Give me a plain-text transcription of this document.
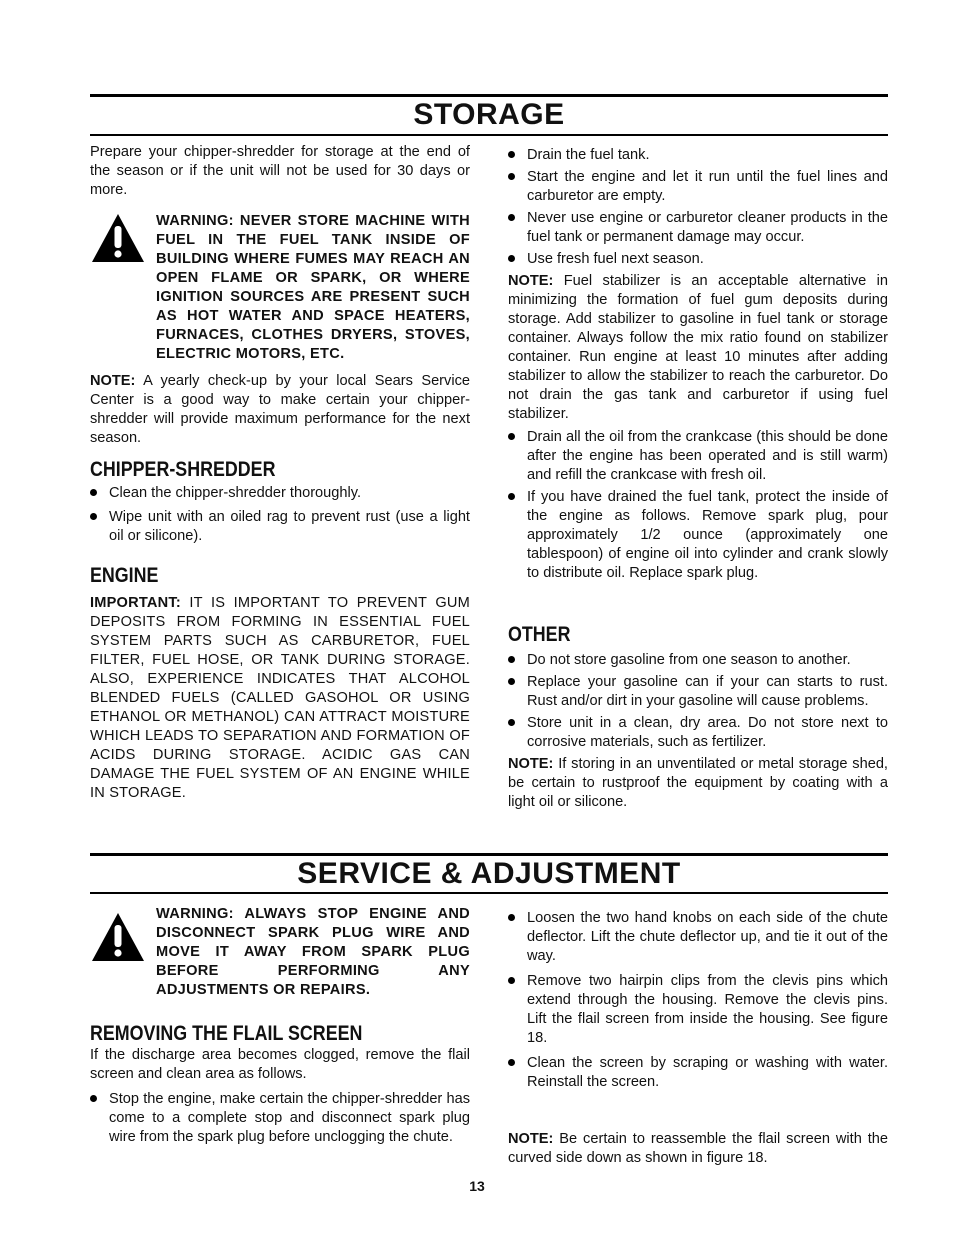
STORAGE

Prepare your chipper-shredder for storage at the end of the season or if the unit will not be used for 30 days or more.

WARNING: NEVER STORE MACHINE WITH FUEL IN THE FUEL TANK INSIDE OF BUILDING WHERE FUMES MAY REACH AN OPEN FLAME OR SPARK, OR WHERE IGNITION SOURCES ARE PRESENT SUCH AS HOT WATER AND SPACE HEATERS, FURNACES, CLOTHES DRYERS, STOVES, ELECTRIC MOTORS, ETC.

NOTE: A yearly check-up by your local Sears Service Center is a good way to make certain your chipper-shredder will provide maximum performance for the next season.

CHIPPER-SHREDDER
Clean the chipper-shredder thoroughly.
Wipe unit with an oiled rag to prevent rust (use a light oil or silicone).
ENGINE

IMPORTANT: IT IS IMPORTANT TO PREVENT GUM DEPOSITS FROM FORMING IN ESSENTIAL FUEL SYSTEM PARTS SUCH AS CARBURETOR, FUEL FILTER, FUEL HOSE, OR TANK DURING STORAGE. ALSO, EXPERIENCE INDICATES THAT ALCOHOL BLENDED FUELS (CALLED GASOHOL OR USING ETHANOL OR METHANOL) CAN ATTRACT MOISTURE WHICH LEADS TO SEPARATION AND FORMATION OF ACIDS DURING STORAGE. ACIDIC GAS CAN DAMAGE THE FUEL SYSTEM OF AN ENGINE WHILE IN STORAGE.

Drain the fuel tank.
Start the engine and let it run until the fuel lines and carburetor are empty.
Never use engine or carburetor cleaner products in the fuel tank or permanent damage may occur.
Use fresh fuel next season.

NOTE: Fuel stabilizer is an acceptable alternative in minimizing the formation of fuel gum deposits during storage. Add stabilizer to gasoline in fuel tank or storage container. Always follow the mix ratio found on stabilizer container. Run engine at least 10 minutes after adding stabilizer to allow the stabilizer to reach the carburetor. Do not drain the gas tank and carburetor if using fuel stabilizer.

Drain all the oil from the crankcase (this should be done after the engine has been operated and is still warm) and refill the crankcase with fresh oil.
If you have drained the fuel tank, protect the inside of the engine as follows. Remove spark plug, pour approximately 1/2 ounce (approximately one tablespoon) of engine oil into cylinder and crank slowly to distribute oil. Replace spark plug.
OTHER
Do not store gasoline from one season to another.
Replace your gasoline can if your can starts to rust. Rust and/or dirt in your gasoline will cause problems.
Store unit in a clean, dry area. Do not store next to corrosive materials, such as fertilizer.

NOTE: If storing in an unventilated or metal storage shed, be certain to rustproof the equipment by coating with a light oil or silicone.

SERVICE & ADJUSTMENT
WARNING: ALWAYS STOP ENGINE AND DISCONNECT SPARK PLUG WIRE AND MOVE IT AWAY FROM SPARK PLUG BEFORE PERFORMING ANY ADJUSTMENTS OR REPAIRS.
REMOVING THE FLAIL SCREEN

If the discharge area becomes clogged, remove the flail screen and clean area as follows.

Stop the engine, make certain the chipper-shredder has come to a complete stop and disconnect spark plug wire from the spark plug before unclogging the chute.
Loosen the two hand knobs on each side of the chute deflector. Lift the chute deflector up, and tie it out of the way.
Remove two hairpin clips from the clevis pins which extend through the housing. Remove the clevis pins. Lift the flail screen from inside the housing. See figure 18.
Clean the screen by scraping or washing with water. Reinstall the screen.

NOTE: Be certain to reassemble the flail screen with the curved side down as shown in figure 18.

13
